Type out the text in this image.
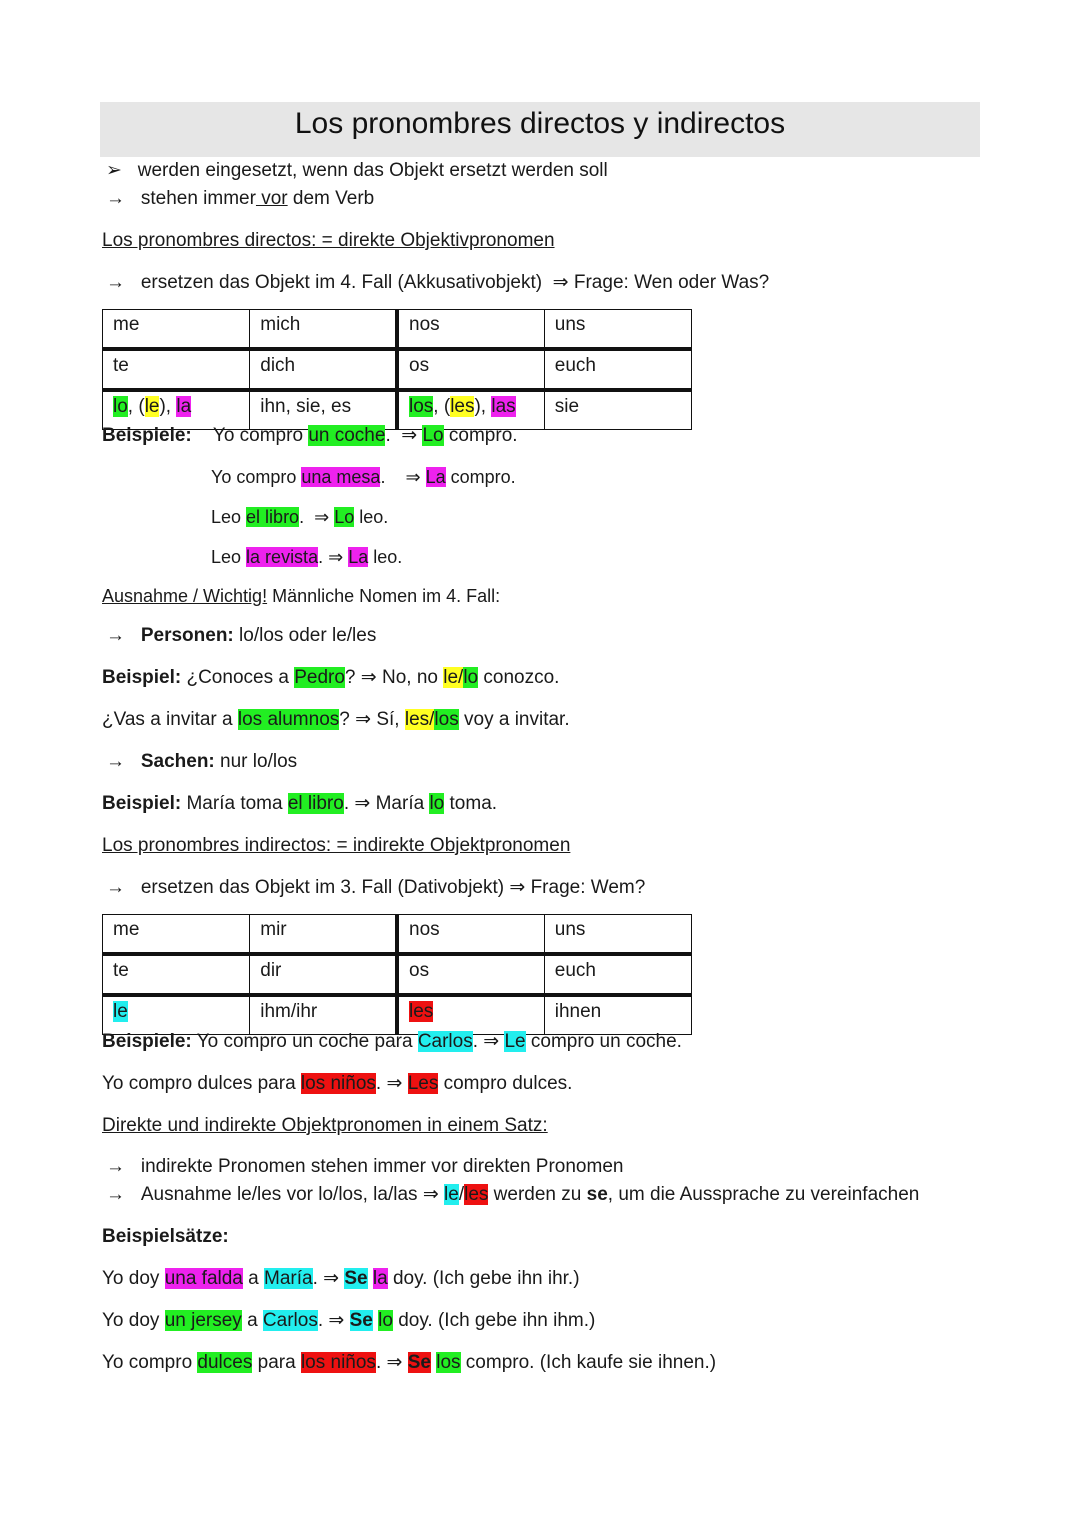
Los pronombres directos y indirectos
➢ werden eingesetzt, wenn das Objekt ersetzt werden soll
→ stehen immer vor dem Verb
Los pronombres directos: = direkte Objektivpronomen
→ ersetzen das Objekt im 4. Fall (Akkusativobjekt) ⇒ Frage: Wen oder Was?
me	mich	nos	uns
te	dich	os	euch
lo, (le), la	ihn, sie, es	los, (les), las	sie
Beispiele: Yo compro un coche.  ⇒ Lo compro.
Yo compro una mesa. ⇒ La compro.
Leo el libro. ⇒ Lo leo.
Leo la revista. ⇒ La leo.
Ausnahme / Wichtig! Männliche Nomen im 4. Fall:
→ Personen: lo/los oder le/les
Beispiel: ¿Conoces a Pedro? ⇒ No, no le/lo conozco.
¿Vas a invitar a los alumnos? ⇒ Sí, les/los voy a invitar.
→ Sachen: nur lo/los
Beispiel: María toma el libro. ⇒ María lo toma.
Los pronombres indirectos: = indirekte Objektpronomen
→ ersetzen das Objekt im 3. Fall (Dativobjekt) ⇒ Frage: Wem?
me	mir	nos	uns
te	dir	os	euch
le	ihm/ihr	les	ihnen
Beispiele: Yo compro un coche para Carlos. ⇒ Le compro un coche.
Yo compro dulces para los niños. ⇒ Les compro dulces.
Direkte und indirekte Objektpronomen in einem Satz:
→ indirekte Pronomen stehen immer vor direkten Pronomen
→ Ausnahme le/les vor lo/los, la/las ⇒ le/les werden zu se, um die Aussprache zu vereinfachen
Beispielsätze:
Yo doy una falda a María. ⇒ Se la doy. (Ich gebe ihn ihr.)
Yo doy un jersey a Carlos. ⇒ Se lo doy. (Ich gebe ihn ihm.)
Yo compro dulces para los niños. ⇒ Se los compro. (Ich kaufe sie ihnen.)
